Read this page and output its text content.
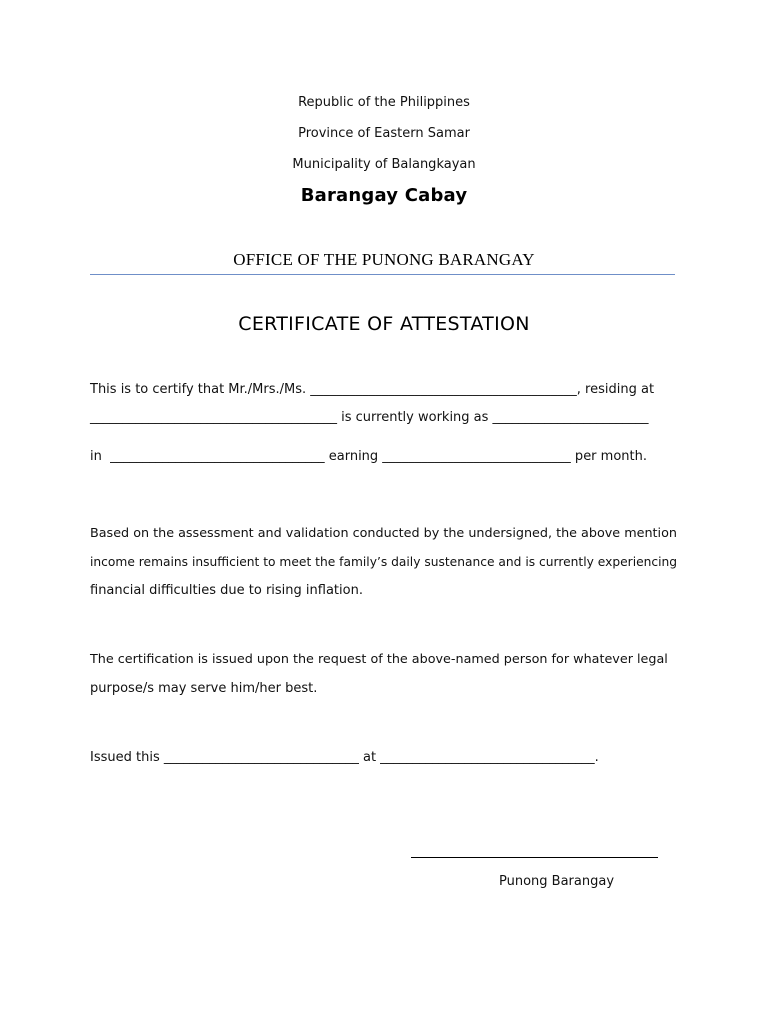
Republic of the Philippines
Province of Eastern Samar
Municipality of Balangkayan
Barangay Cabay
OFFICE OF THE PUNONG BARANGAY
CERTIFICATE OF ATTESTATION
This is to certify that Mr./Mrs./Ms. _________________________________________, residing at
______________________________________ is currently working as ________________________
in  _________________________________ earning _____________________________ per month.
Based on the assessment and validation conducted by the undersigned, the above mention
income remains insufficient to meet the family’s daily sustenance and is currently experiencing
financial difficulties due to rising inflation.
The certification is issued upon the request of the above-named person for whatever legal
purpose/s may serve him/her best.
Issued this ______________________________ at _________________________________.
Punong Barangay
